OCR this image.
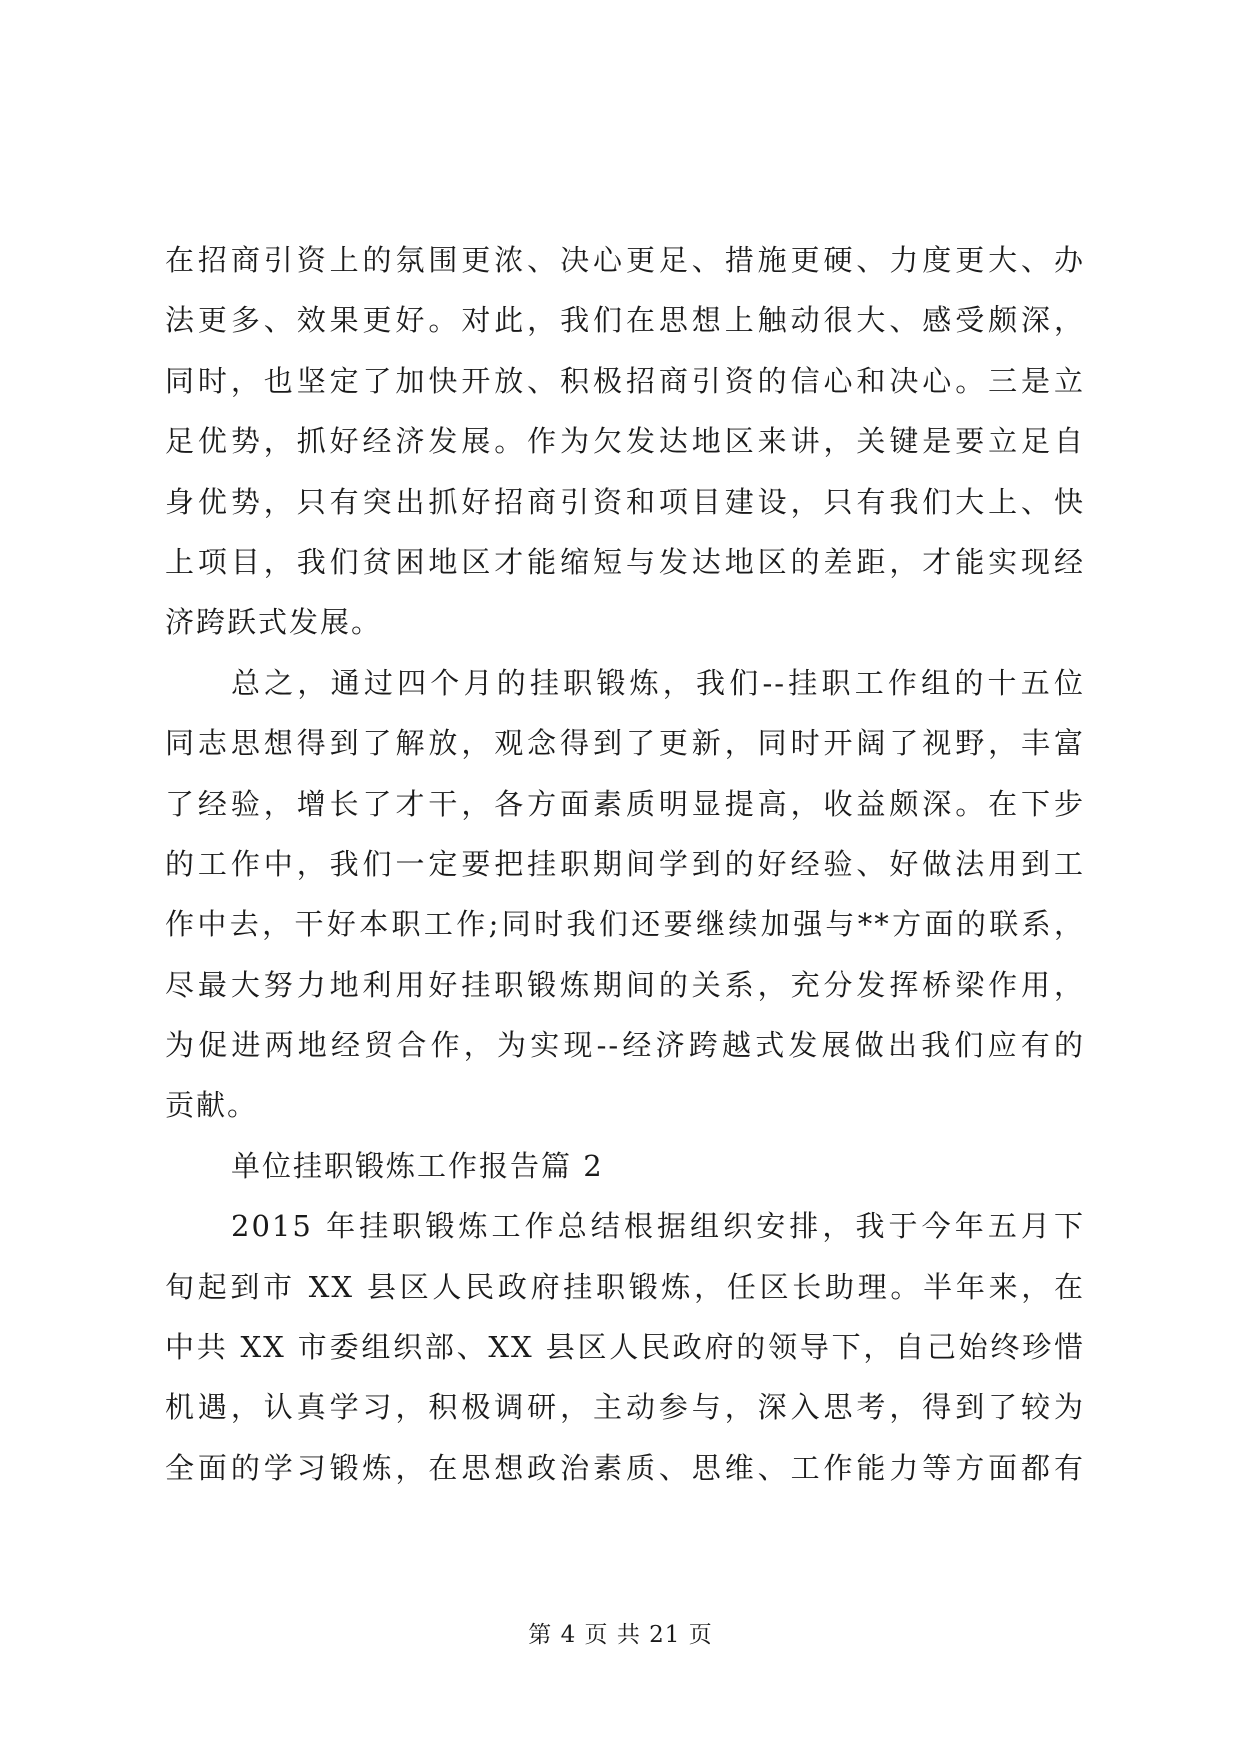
在招商引资上的氛围更浓、决心更足、措施更硬、力度更大、办
法更多、效果更好。对此，我们在思想上触动很大、感受颇深，
同时，也坚定了加快开放、积极招商引资的信心和决心。三是立
足优势，抓好经济发展。作为欠发达地区来讲，关键是要立足自
身优势，只有突出抓好招商引资和项目建设，只有我们大上、快
上项目，我们贫困地区才能缩短与发达地区的差距，才能实现经
济跨跃式发展。
总之，通过四个月的挂职锻炼，我们--挂职工作组的十五位
同志思想得到了解放，观念得到了更新，同时开阔了视野，丰富
了经验，增长了才干，各方面素质明显提高，收益颇深。在下步
的工作中，我们一定要把挂职期间学到的好经验、好做法用到工
作中去，干好本职工作;同时我们还要继续加强与**方面的联系，
尽最大努力地利用好挂职锻炼期间的关系，充分发挥桥梁作用，
为促进两地经贸合作，为实现--经济跨越式发展做出我们应有的
贡献。
单位挂职锻炼工作报告篇 2
2015 年挂职锻炼工作总结根据组织安排，我于今年五月下
旬起到市 XX 县区人民政府挂职锻炼，任区长助理。半年来，在
中共 XX 市委组织部、XX 县区人民政府的领导下，自己始终珍惜
机遇，认真学习，积极调研，主动参与，深入思考，得到了较为
全面的学习锻炼，在思想政治素质、思维、工作能力等方面都有
第 4 页 共 21 页
